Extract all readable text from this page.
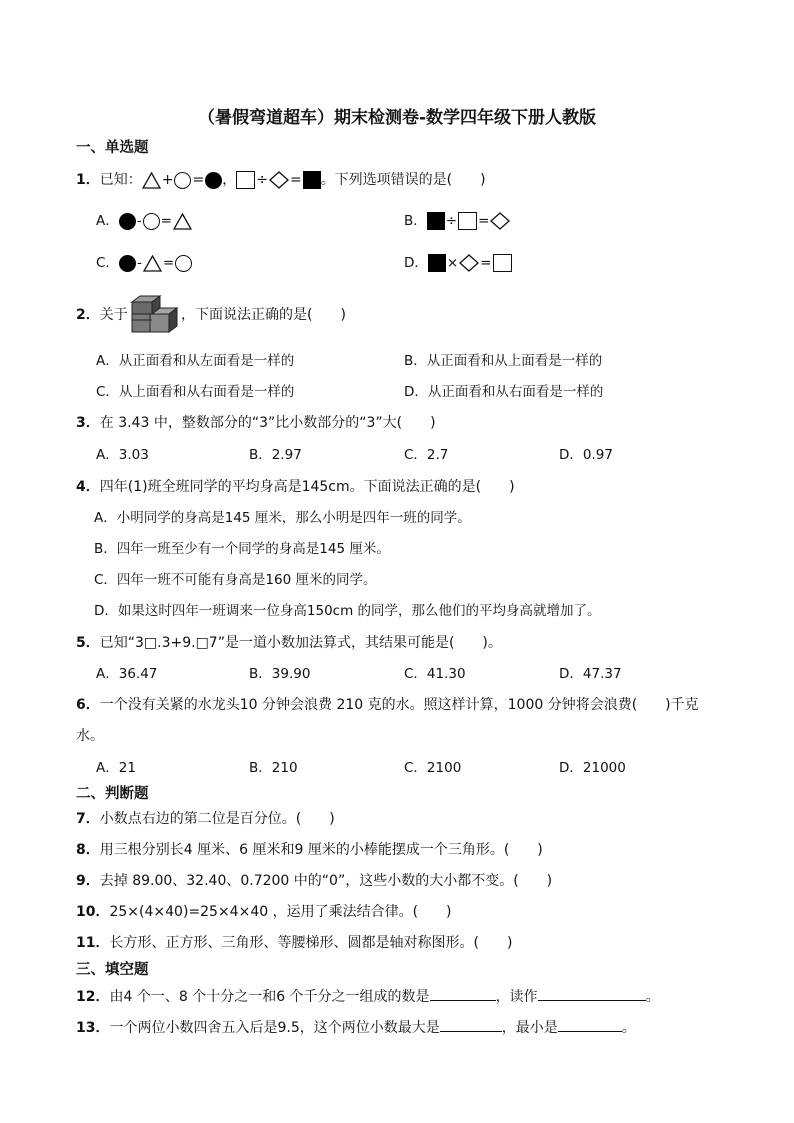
（暑假弯道超车）期末检测卷-数学四年级下册人教版
一、单选题
1．已知： + = ， ÷ = 。下列选项错误的是(　　)
A． - =	B． ÷ =
C． - =	D． × =
2．关于	，下面说法正确的是(　　)
A．从正面看和从左面看是一样的	B．从正面看和从上面看是一样的
C．从上面看和从右面看是一样的	D．从正面看和从右面看是一样的
3．在 3.43 中，整数部分的“3”比小数部分的“3”大(　　)
A．3.03	B．2.97	C．2.7	D．0.97
4．四年(1)班全班同学的平均身高是145cm。下面说法正确的是(　　)
A．小明同学的身高是145 厘米，那么小明是四年一班的同学。
B．四年一班至少有一个同学的身高是145 厘米。
C．四年一班不可能有身高是160 厘米的同学。
D．如果这时四年一班调来一位身高150cm 的同学，那么他们的平均身高就增加了。
5．已知“3□.3+9.□7”是一道小数加法算式，其结果可能是(　　)。
A．36.47	B．39.90	C．41.30	D．47.37
6．一个没有关紧的水龙头10 分钟会浪费 210 克的水。照这样计算，1000 分钟将会浪费(　　)千克
水。
A．21	B．210	C．2100	D．21000
二、判断题
7．小数点右边的第二位是百分位。(　　)
8．用三根分别长4 厘米、6 厘米和9 厘米的小棒能摆成一个三角形。(　　)
9．去掉 89.00、32.40、0.7200 中的“0”，这些小数的大小都不变。(　　)
10．25×(4×40)=25×4×40 ，运用了乘法结合律。(　　)
11．长方形、正方形、三角形、等腰梯形、圆都是轴对称图形。(　　)
三、填空题
12．由4 个一、8 个十分之一和6 个千分之一组成的数是	，读作	。
13．一个两位小数四舍五入后是9.5，这个两位小数最大是	，最小是	。
